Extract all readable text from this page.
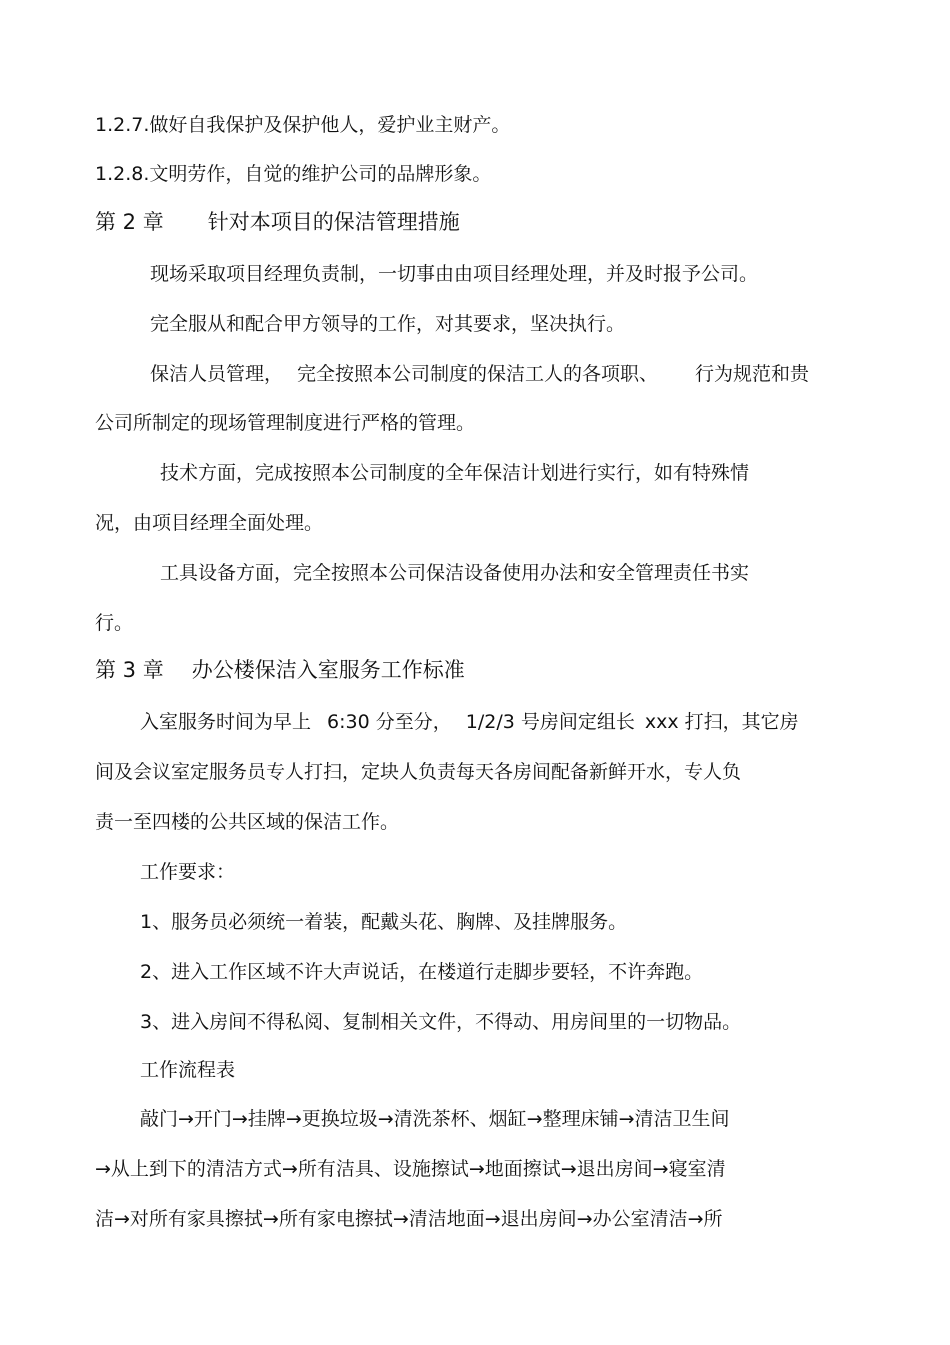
1.2.7.做好自我保护及保护他人，爱护业主财产。
1.2.8.文明劳作，自觉的维护公司的品牌形象。
第 2 章 针对本项目的保洁管理措施
现场采取项目经理负责制，一切事由由项目经理处理，并及时报予公司。
完全服从和配合甲方领导的工作，对其要求，坚决执行。
保洁人员管理， 完全按照本公司制度的保洁工人的各项职、 行为规范和贵
公司所制定的现场管理制度进行严格的管理。
技术方面，完成按照本公司制度的全年保洁计划进行实行，如有特殊情
况，由项目经理全面处理。
工具设备方面，完全按照本公司保洁设备使用办法和安全管理责任书实
行。
第 3 章 办公楼保洁入室服务工作标准
入室服务时间为早上 6:30 分至分， 1/2/3 号房间定组长 xxx 打扫，其它房
间及会议室定服务员专人打扫，定块人负责每天各房间配备新鲜开水，专人负
责一至四楼的公共区域的保洁工作。
工作要求：
1、服务员必须统一着装，配戴头花、胸牌、及挂牌服务。
2、进入工作区域不许大声说话，在楼道行走脚步要轻，不许奔跑。
3、进入房间不得私阅、复制相关文件，不得动、用房间里的一切物品。
工作流程表
敲门→开门→挂牌→更换垃圾→清洗茶杯、烟缸→整理床铺→清洁卫生间
→从上到下的清洁方式→所有洁具、设施擦试→地面擦试→退出房间→寝室清
洁→对所有家具擦拭→所有家电擦拭→清洁地面→退出房间→办公室清洁→所
